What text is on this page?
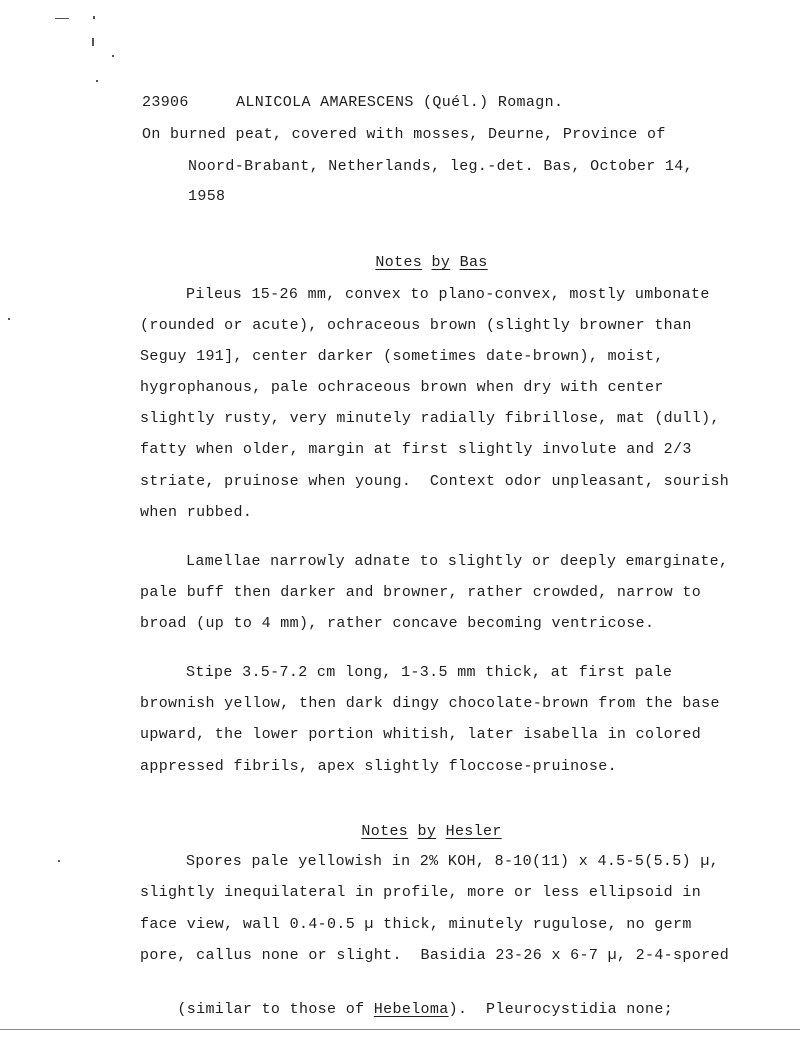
23906	ALNICOLA AMARESCENS (Quél.) Romagn.
On burned peat, covered with mosses, Deurne, Province of
Noord-Brabant, Netherlands, leg.-det. Bas, October 14,
1958

Notes by Bas

Pileus 15-26 mm, convex to plano-convex, mostly umbonate
(rounded or acute), ochraceous brown (slightly browner than
Seguy 191], center darker (sometimes date-brown), moist,
hygrophanous, pale ochraceous brown when dry with center
slightly rusty, very minutely radially fibrillose, mat (dull),
fatty when older, margin at first slightly involute and 2/3
striate, pruinose when young.  Context odor unpleasant, sourish
when rubbed.
Lamellae narrowly adnate to slightly or deeply emarginate,
pale buff then darker and browner, rather crowded, narrow to
broad (up to 4 mm), rather concave becoming ventricose.
Stipe 3.5-7.2 cm long, 1-3.5 mm thick, at first pale
brownish yellow, then dark dingy chocolate-brown from the base
upward, the lower portion whitish, later isabella in colored
appressed fibrils, apex slightly floccose-pruinose.

Notes by Hesler

Spores pale yellowish in 2% KOH, 8-10(11) x 4.5-5(5.5) µ,
slightly inequilateral in profile, more or less ellipsoid in
face view, wall 0.4-0.5 µ thick, minutely rugulose, no germ
pore, callus none or slight.  Basidia 23-26 x 6-7 µ, 2-4-spored

(similar to those of Hebeloma).  Pleurocystidia none;
